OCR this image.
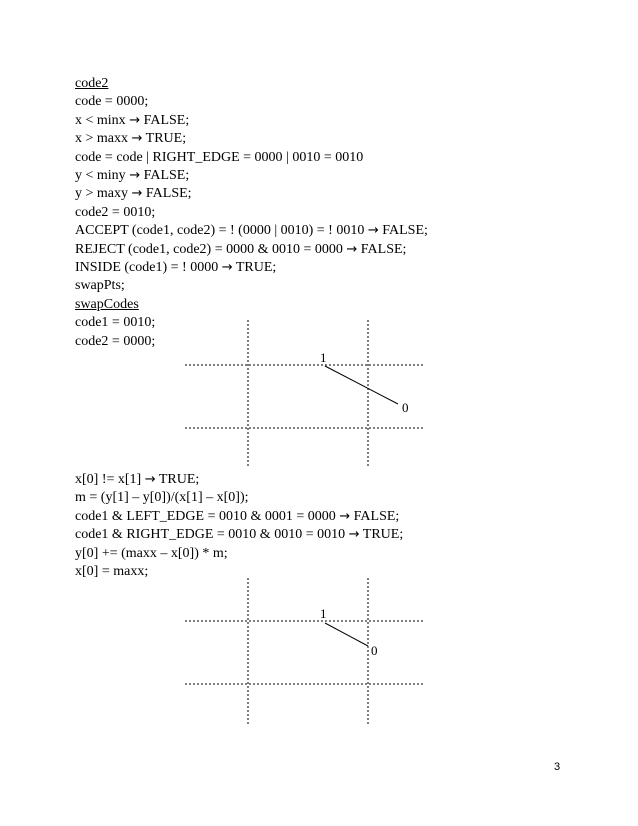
code2
code = 0000;
x < minx → FALSE;
x > maxx → TRUE;
code = code | RIGHT_EDGE = 0000 | 0010 = 0010
y < miny → FALSE;
y > maxy → FALSE;
code2 = 0010;
ACCEPT (code1, code2) = ! (0000 | 0010) = ! 0010 → FALSE;
REJECT (code1, code2) = 0000 & 0010 = 0000 → FALSE;
INSIDE (code1) = ! 0000 → TRUE;
swapPts;
swapCodes
code1 = 0010;
code2 = 0000;
1
0
x[0] != x[1] → TRUE;
m = (y[1] – y[0])/(x[1] – x[0]);
code1 & LEFT_EDGE = 0010 & 0001 = 0000 → FALSE;
code1 & RIGHT_EDGE = 0010 & 0010 = 0010 → TRUE;
y[0] += (maxx – x[0]) * m;
x[0] = maxx;
1
0
3
